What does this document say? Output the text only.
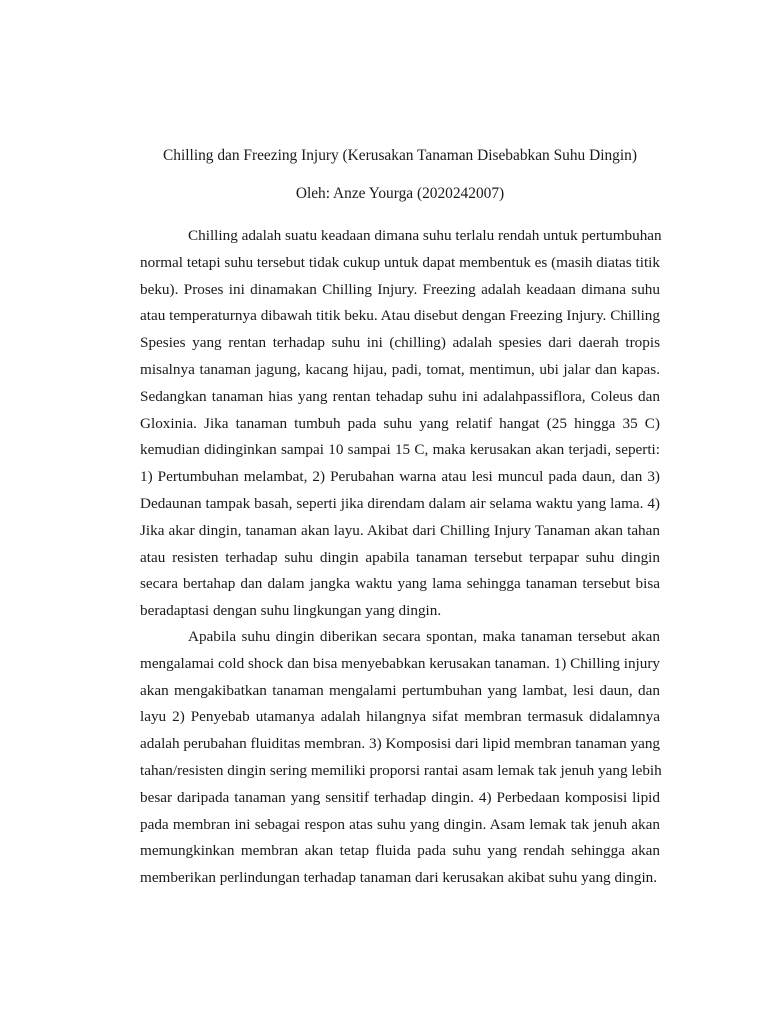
Chilling dan Freezing Injury (Kerusakan Tanaman Disebabkan Suhu Dingin)
Oleh: Anze Yourga (2020242007)
Chilling adalah suatu keadaan dimana suhu terlalu rendah untuk pertumbuhan
normal tetapi suhu tersebut tidak cukup untuk dapat membentuk es (masih diatas titik
beku). Proses ini dinamakan Chilling Injury. Freezing adalah keadaan dimana suhu
atau temperaturnya dibawah titik beku. Atau disebut dengan Freezing Injury. Chilling
Spesies yang rentan terhadap suhu ini (chilling) adalah spesies dari daerah tropis
misalnya tanaman jagung, kacang hijau, padi, tomat, mentimun, ubi jalar dan kapas.
Sedangkan tanaman hias yang rentan tehadap suhu ini adalahpassiflora, Coleus dan
Gloxinia. Jika tanaman tumbuh pada suhu yang relatif hangat (25 hingga 35 C)
kemudian didinginkan sampai 10 sampai 15 C, maka kerusakan akan terjadi, seperti:
1) Pertumbuhan melambat, 2) Perubahan warna atau lesi muncul pada daun, dan 3)
Dedaunan tampak basah, seperti jika direndam dalam air selama waktu yang lama. 4)
Jika akar dingin, tanaman akan layu. Akibat dari Chilling Injury Tanaman akan tahan
atau resisten terhadap suhu dingin apabila tanaman tersebut terpapar suhu dingin
secara bertahap dan dalam jangka waktu yang lama sehingga tanaman tersebut bisa
beradaptasi dengan suhu lingkungan yang dingin.
Apabila suhu dingin diberikan secara spontan, maka tanaman tersebut akan
mengalamai cold shock dan bisa menyebabkan kerusakan tanaman. 1) Chilling injury
akan mengakibatkan tanaman mengalami pertumbuhan yang lambat, lesi daun, dan
layu 2) Penyebab utamanya adalah hilangnya sifat membran termasuk didalamnya
adalah perubahan fluiditas membran. 3) Komposisi dari lipid membran tanaman yang
tahan/resisten dingin sering memiliki proporsi rantai asam lemak tak jenuh yang lebih
besar daripada tanaman yang sensitif terhadap dingin. 4) Perbedaan komposisi lipid
pada membran ini sebagai respon atas suhu yang dingin. Asam lemak tak jenuh akan
memungkinkan membran akan tetap fluida pada suhu yang rendah sehingga akan
memberikan perlindungan terhadap tanaman dari kerusakan akibat suhu yang dingin.
